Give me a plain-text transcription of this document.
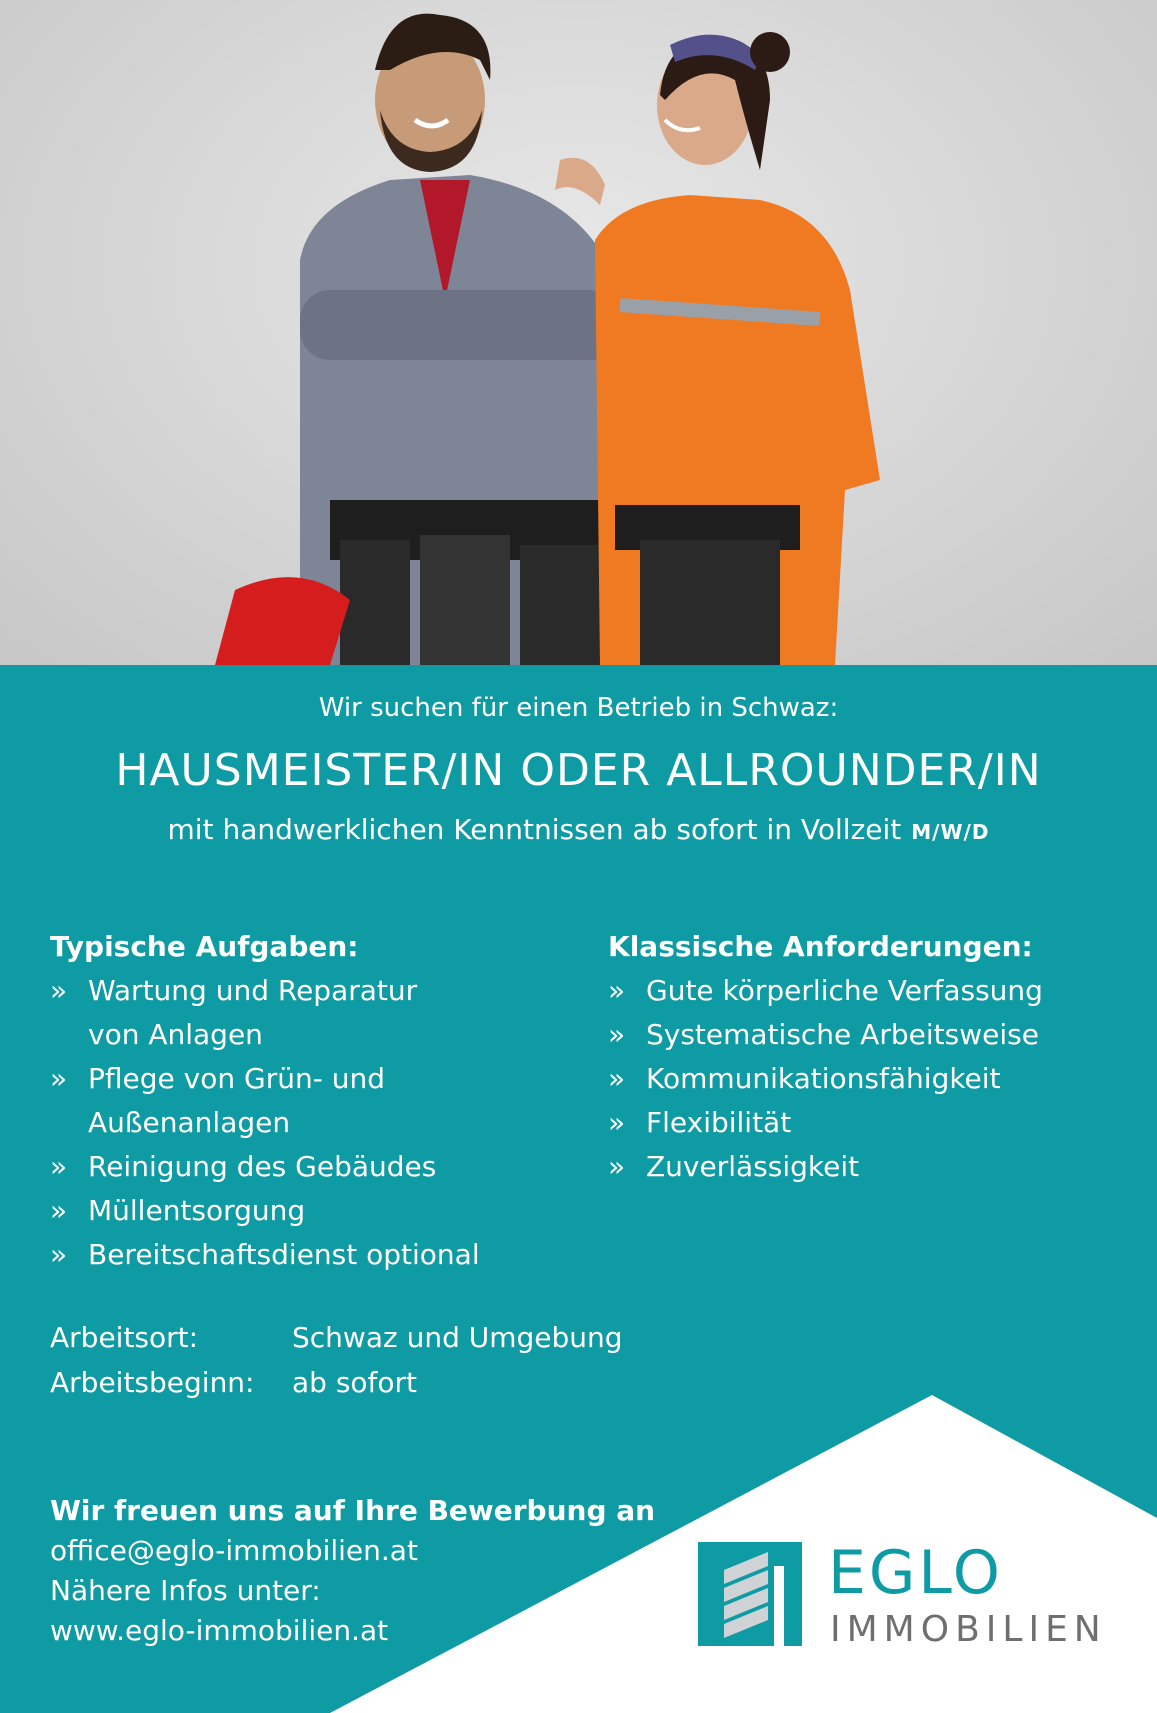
Wir suchen für einen Betrieb in Schwaz:
HAUSMEISTER/IN ODER ALLROUNDER/IN
mit handwerklichen Kenntnissen ab sofort in Vollzeit M/W/D
Typische Aufgaben:
» Wartung und Reparatur
von Anlagen
» Pflege von Grün- und
Außenanlagen
» Reinigung des Gebäudes
» Müllentsorgung
» Bereitschaftsdienst optional
Klassische Anforderungen:
» Gute körperliche Verfassung
» Systematische Arbeitsweise
» Kommunikationsfähigkeit
» Flexibilität
» Zuverlässigkeit
Arbeitsort:	Schwaz und Umgebung
Arbeitsbeginn:	ab sofort
Wir freuen uns auf Ihre Bewerbung an
office@eglo-immobilien.at
Nähere Infos unter:
www.eglo-immobilien.at
EGLO
IMMOBILIEN
